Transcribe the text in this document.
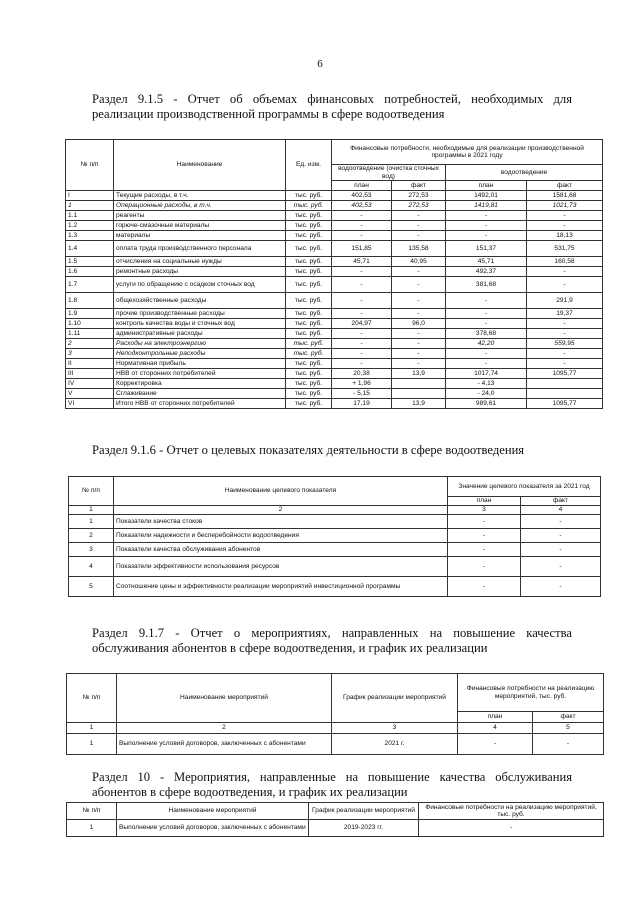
6
Раздел 9.1.5 - Отчет об объемах финансовых потребностей, необходимых для реализации производственной программы в сфере водоотведения
№ п/п	Наименование	Ед. изм.	Финансовые потребности, необходимые для реализации производственной программы в 2021 году			
			водоотведение (очистка сточных вод)		водоотведение	
			план	факт	план	факт
I	Текущие расходы, в т.ч.	тыс. руб.	402,53	272,53	1492,01	1581,68
1	Операционные расходы, в т.ч.	тыс. руб.	402,53	272,53	1419,81	1021,73
1.1	реагенты	тыс. руб.	-	-	-	-
1.2	горюче-смазочные материалы	тыс. руб.	-	-	-	-
1.3	материалы	тыс. руб.	-	-	-	18,13
1.4	оплата труда производственного персонала	тыс. руб.	151,85	135,58	151,37	531,75
1.5	отчисления на социальные нужды	тыс. руб.	45,71	40,95	45,71	160,58
1.6	ремонтные расходы	тыс. руб.	-	-	492,37	-
1.7	услуги по обращению с осадком сточных вод	тыс. руб.	-	-	381,68	-
1.8	общехозяйственные расходы	тыс. руб.	-	-	-	291,9
1.9	прочие производственные расходы	тыс. руб.	-	-	-	19,37
1.10	контроль качества воды и сточных вод	тыс. руб.	204,97	96,0	-	-
1.11	административные расходы	тыс. руб.	-	-	378,68	-
2	Расходы на электроэнергию	тыс. руб.	-	-	42,20	559,95
3	Неподконтрольные расходы	тыс. руб.	-	-	-	-
II	Нормативная прибыль	тыс. руб.	-	-	-	-
III	НВВ от сторонних потребителей	тыс. руб.	20,38	13,9	1017,74	1095,77
IV	Корректировка	тыс. руб.	+ 1,96		- 4,13	
V	Сглаживание	тыс. руб.	- 5,15		- 24,0	
VI	Итого НВВ от сторонних потребителей	тыс. руб.	17,19	13,9	989,61	1095,77
Раздел 9.1.6 - Отчет о целевых показателях деятельности в сфере водоотведения
№ п/п	Наименование целевого показателя	Значение целевого показателя за 2021 год	
		план	факт
1	2	3	4
1	Показатели качества стоков	-	-
2	Показатели надежности и бесперебойности водоотведения	-	-
3	Показатели качества обслуживания абонентов	-	-
4	Показатели эффективности использования ресурсов	-	-
5	Соотношение цены и эффективности реализации мероприятий инвестиционной программы	-	-
Раздел 9.1.7 - Отчет о мероприятиях, направленных на повышение качества обслуживания абонентов в сфере водоотведения, и график их реализации
№ п/п	Наименование мероприятий	График реализации мероприятий	Финансовые потребности на реализацию мероприятий, тыс. руб.	
			план	факт
1	2	3	4	5
1	Выполнение условий договоров, заключенных с абонентами	2021 г.	-	-
Раздел 10 - Мероприятия, направленные на повышение качества обслуживания абонентов в сфере водоотведения, и график их реализации
№ п/п	Наименование мероприятий	График реализации мероприятий	Финансовые потребности на реализацию мероприятий, тыс. руб.
1	Выполнение условий договоров, заключенных с абонентами	2019-2023 гг.	-
